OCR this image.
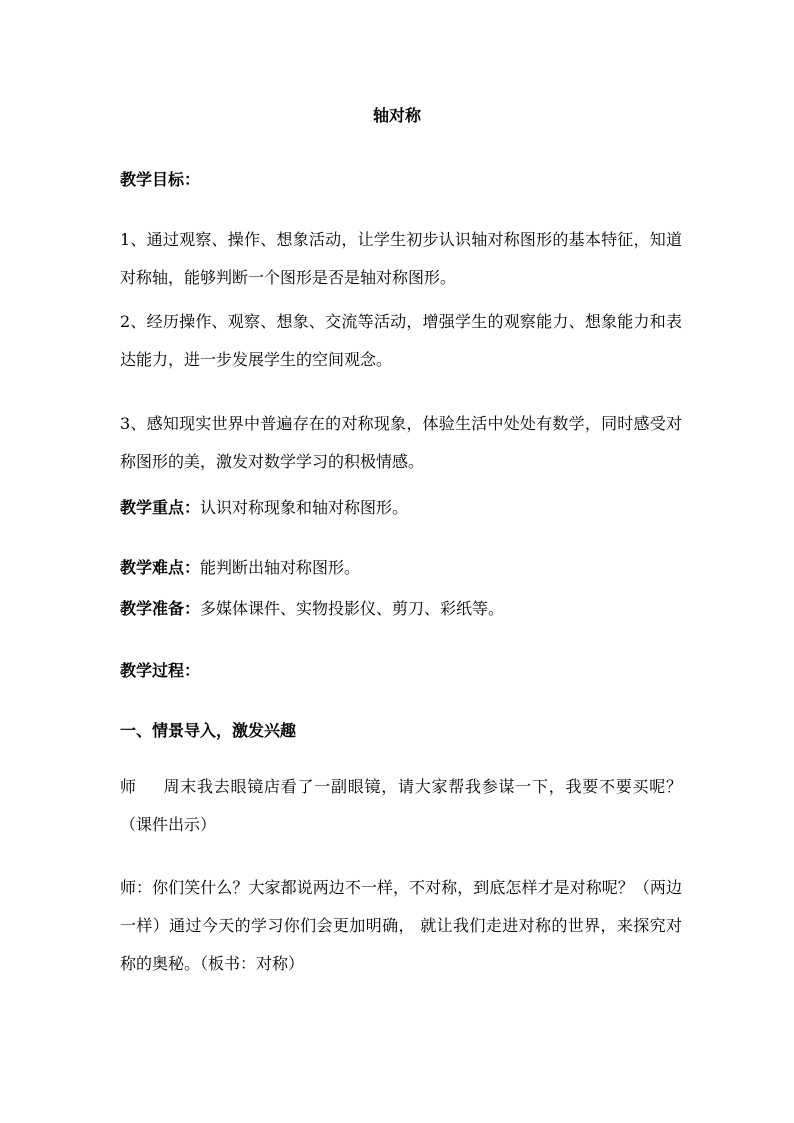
轴对称
教学目标：
1、通过观察、操作、想象活动，让学生初步认识轴对称图形的基本特征，知道对称轴，能够判断一个图形是否是轴对称图形。
2、经历操作、观察、想象、交流等活动，增强学生的观察能力、想象能力和表达能力，进一步发展学生的空间观念。
3、感知现实世界中普遍存在的对称现象，体验生活中处处有数学，同时感受对称图形的美，激发对数学学习的积极情感。
教学重点：认识对称现象和轴对称图形。
教学难点：能判断出轴对称图形。
教学准备：多媒体课件、实物投影仪、剪刀、彩纸等。
教学过程：
一、情景导入，激发兴趣
师 周末我去眼镜店看了一副眼镜，请大家帮我参谋一下，我要不要买呢？（课件出示）
师：你们笑什么？大家都说两边不一样，不对称，到底怎样才是对称呢？（两边一样）通过今天的学习你们会更加明确， 就让我们走进对称的世界，来探究对称的奥秘。（板书：对称）
